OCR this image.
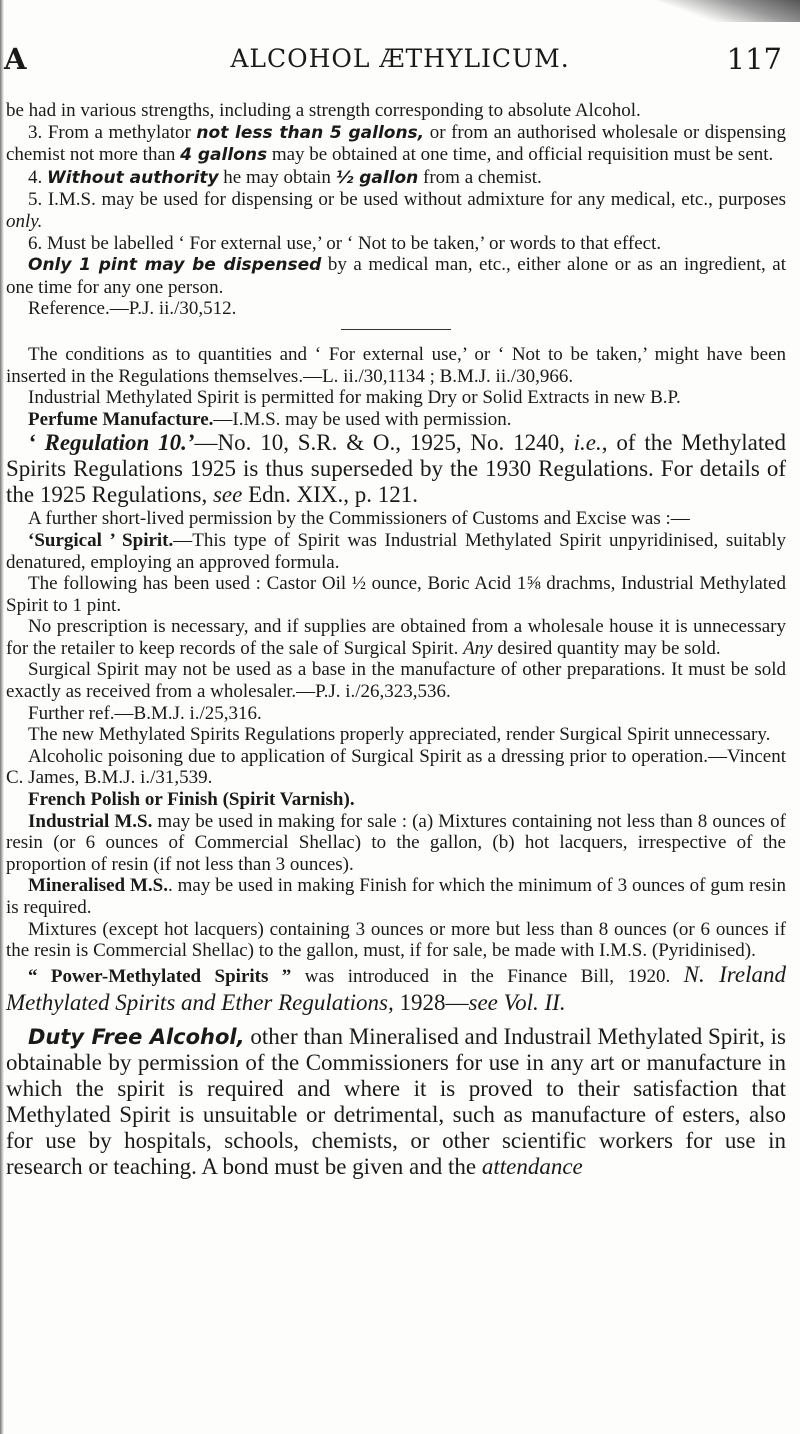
A	ALCOHOL ÆTHYLICUM.	117

be had in various strengths, including a strength corresponding to absolute Alcohol.

3. From a methylator not less than 5 gallons, or from an authorised wholesale or dispensing chemist not more than 4 gallons may be obtained at one time, and official requisition must be sent.

4. Without authority he may obtain ½ gallon from a chemist.

5. I.M.S. may be used for dispensing or be used without admixture for any medical, etc., purposes only.

6. Must be labelled ‘ For external use,’ or ‘ Not to be taken,’ or words to that effect.

Only 1 pint may be dispensed by a medical man, etc., either alone or as an ingredient, at one time for any one person.

Reference.—P.J. ii./30,512.

The conditions as to quantities and ‘ For external use,’ or ‘ Not to be taken,’ might have been inserted in the Regulations themselves.—L. ii./30,1134 ; B.M.J. ii./30,966.

Industrial Methylated Spirit is permitted for making Dry or Solid Extracts in new B.P.

Perfume Manufacture.—I.M.S. may be used with permission.

‘ Regulation 10.’—No. 10, S.R. & O., 1925, No. 1240, i.e., of the Methylated Spirits Regulations 1925 is thus superseded by the 1930 Regulations. For details of the 1925 Regulations, see Edn. XIX., p. 121.

A further short-lived permission by the Commissioners of Customs and Excise was :—

‘Surgical ’ Spirit.—This type of Spirit was Industrial Methylated Spirit unpyridinised, suitably denatured, employing an approved formula.

The following has been used : Castor Oil ½ ounce, Boric Acid 1⅝ drachms, Industrial Methylated Spirit to 1 pint.

No prescription is necessary, and if supplies are obtained from a wholesale house it is unnecessary for the retailer to keep records of the sale of Surgical Spirit. Any desired quantity may be sold.

Surgical Spirit may not be used as a base in the manufacture of other preparations. It must be sold exactly as received from a wholesaler.—P.J. i./26,323,536.

Further ref.—B.M.J. i./25,316.

The new Methylated Spirits Regulations properly appreciated, render Surgical Spirit unnecessary.

Alcoholic poisoning due to application of Surgical Spirit as a dressing prior to operation.—Vincent C. James, B.M.J. i./31,539.

French Polish or Finish (Spirit Varnish).

Industrial M.S. may be used in making for sale : (a) Mixtures containing not less than 8 ounces of resin (or 6 ounces of Commercial Shellac) to the gallon, (b) hot lacquers, irrespective of the proportion of resin (if not less than 3 ounces).

Mineralised M.S.. may be used in making Finish for which the minimum of 3 ounces of gum resin is required.

Mixtures (except hot lacquers) containing 3 ounces or more but less than 8 ounces (or 6 ounces if the resin is Commercial Shellac) to the gallon, must, if for sale, be made with I.M.S. (Pyridinised).

“ Power-Methylated Spirits ” was introduced in the Finance Bill, 1920. N. Ireland Methylated Spirits and Ether Regulations, 1928—see Vol. II.

Duty Free Alcohol, other than Mineralised and Industrail Methylated Spirit, is obtainable by permission of the Commissioners for use in any art or manufacture in which the spirit is required and where it is proved to their satisfaction that Methylated Spirit is unsuitable or detrimental, such as manufacture of esters, also for use by hospitals, schools, chemists, or other scientific workers for use in research or teaching. A bond must be given and the attendance
